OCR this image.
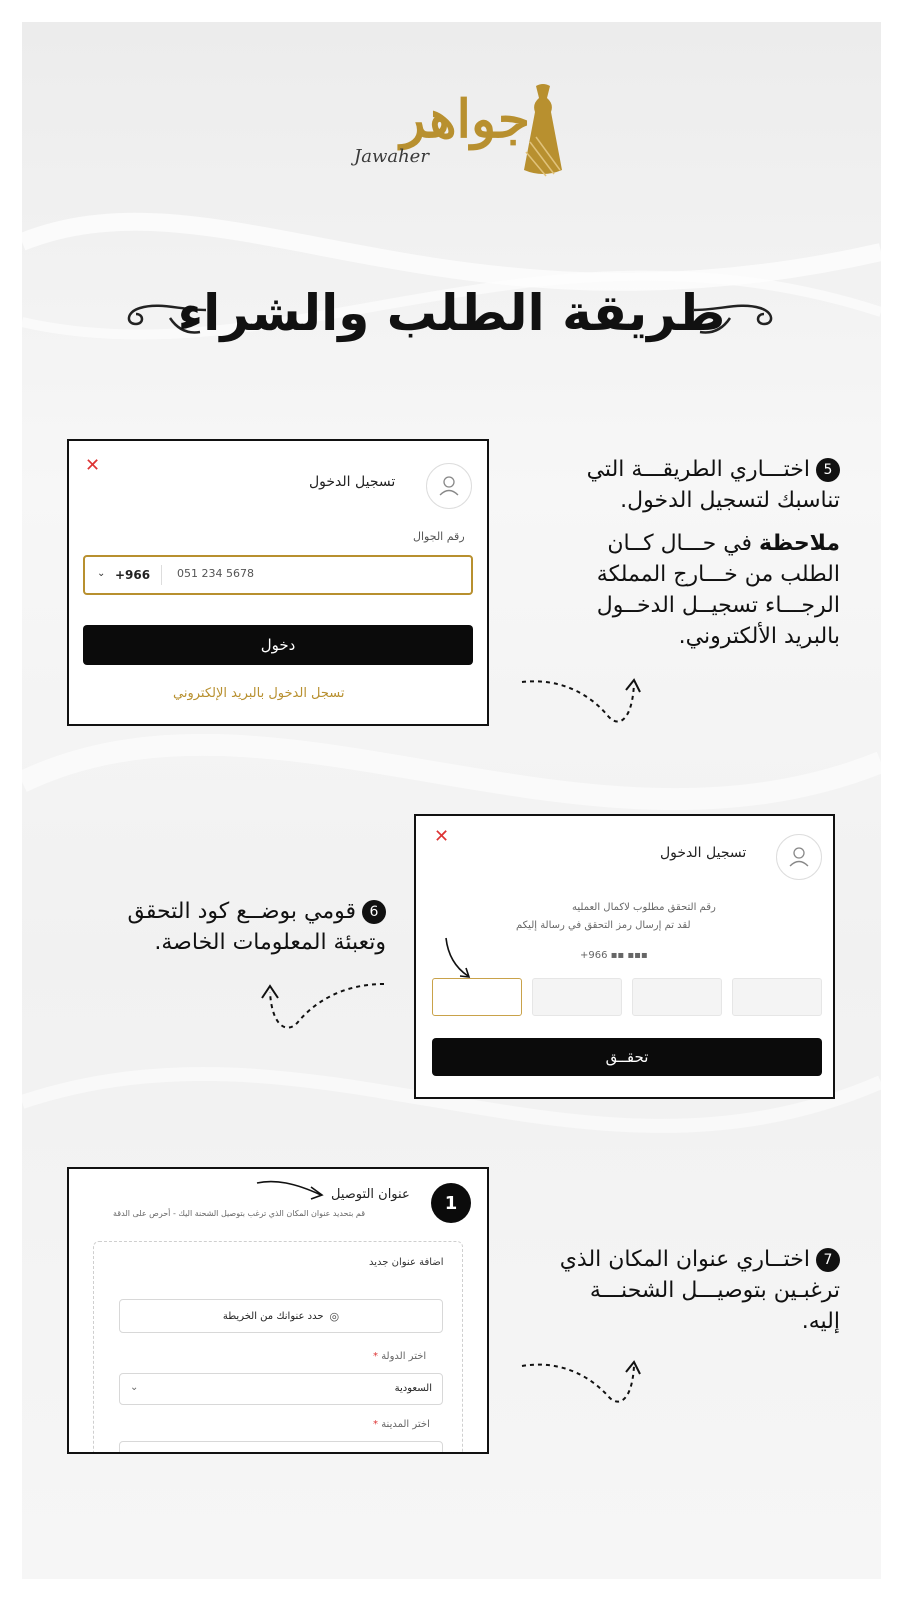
جواهر
Jawaher
طريقة الطلب والشراء
✕
تسجيل الدخول
رقم الجوال
⌄ +966 051 234 5678
دخول
تسجل الدخول بالبريد الإلكتروني
5اختـــاري الطريقـــة التي
تناسبك لتسجيل الدخول.
ملاحظة في حـــال كــان
الطلب من خـــارج المملكة
الرجـــاء تسجيــل الدخــول
بالبريد الألكتروني.
✕
تسجيل الدخول
رقم التحقق مطلوب لاكمال العمليه
لقد تم إرسال رمز التحقق في رسالة إليكم
+966 ▪▪ ▪▪▪
تحقــق
6قومي بوضــع كود التحقق
وتعبئة المعلومات الخاصة.
1
عنوان التوصيل
قم بتحديد عنوان المكان الذي ترغب بتوصيل الشحنة اليك - أحرص على الدقة
اضافة عنوان جديد
◎
حدد عنوانك من الخريطة
اختر الدولة *
⌄	السعودية
اختر المدينة *
7اختــاري عنوان المكان الذي
ترغبـين بتوصيـــل الشحنـــة
إليه.
